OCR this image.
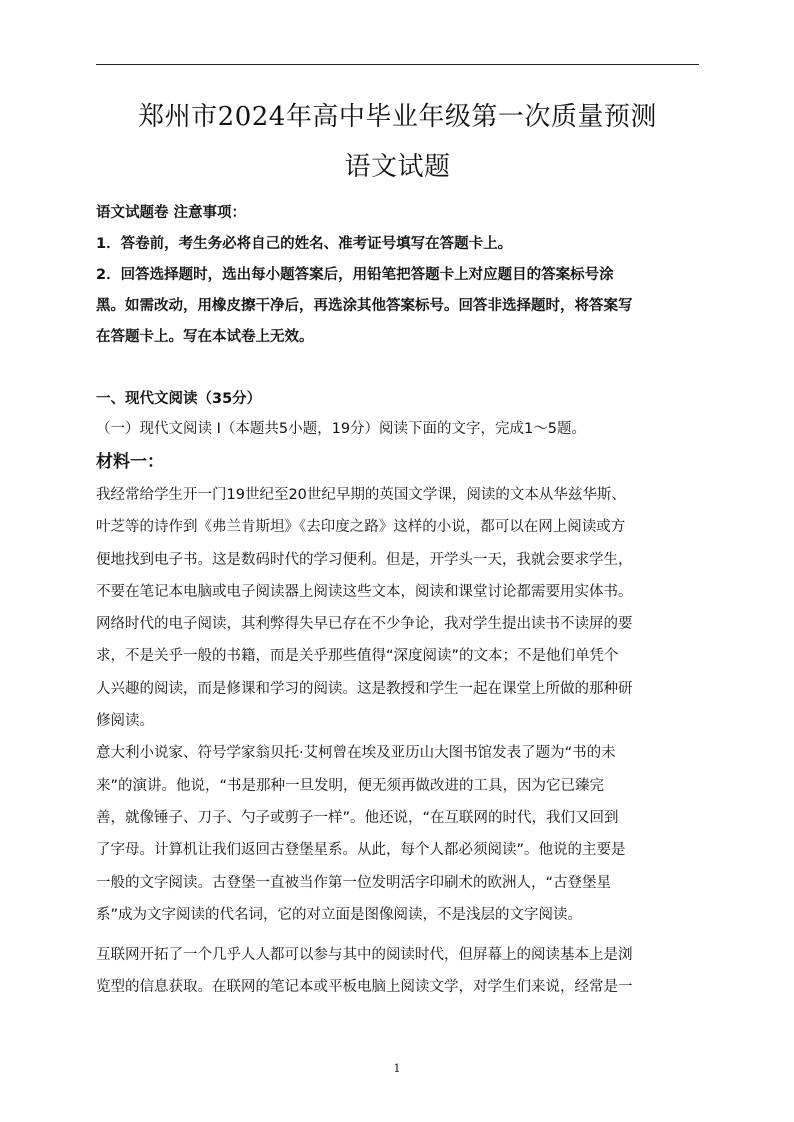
郑州市2024年高中毕业年级第一次质量预测
语文试题
语文试题卷 注意事项：
1．答卷前，考生务必将自己的姓名、准考证号填写在答题卡上。
2．回答选择题时，选出每小题答案后，用铅笔把答题卡上对应题目的答案标号涂
黑。如需改动，用橡皮擦干净后，再选涂其他答案标号。回答非选择题时，将答案写
在答题卡上。写在本试卷上无效。
一、现代文阅读（35分）
（一）现代文阅读 I（本题共5小题，19分）阅读下面的文字，完成1～5题。
材料一：
我经常给学生开一门19世纪至20世纪早期的英国文学课，阅读的文本从华兹华斯、
叶芝等的诗作到《弗兰肯斯坦》《去印度之路》这样的小说，都可以在网上阅读或方
便地找到电子书。这是数码时代的学习便利。但是，开学头一天，我就会要求学生，
不要在笔记本电脑或电子阅读器上阅读这些文本，阅读和课堂讨论都需要用实体书。
网络时代的电子阅读，其利弊得失早已存在不少争论，我对学生提出读书不读屏的要
求，不是关乎一般的书籍，而是关乎那些值得“深度阅读”的文本；不是他们单凭个
人兴趣的阅读，而是修课和学习的阅读。这是教授和学生一起在课堂上所做的那种研
修阅读。
意大利小说家、符号学家翁贝托·艾柯曾在埃及亚历山大图书馆发表了题为“书的未
来”的演讲。他说，“书是那种一旦发明，便无须再做改进的工具，因为它已臻完
善，就像锤子、刀子、勺子或剪子一样”。他还说，“在互联网的时代，我们又回到
了字母。计算机让我们返回古登堡星系。从此，每个人都必须阅读”。他说的主要是
一般的文字阅读。古登堡一直被当作第一位发明活字印刷术的欧洲人，“古登堡星
系”成为文字阅读的代名词，它的对立面是图像阅读，不是浅层的文字阅读。
互联网开拓了一个几乎人人都可以参与其中的阅读时代，但屏幕上的阅读基本上是浏
览型的信息获取。在联网的笔记本或平板电脑上阅读文学，对学生们来说，经常是一
1
